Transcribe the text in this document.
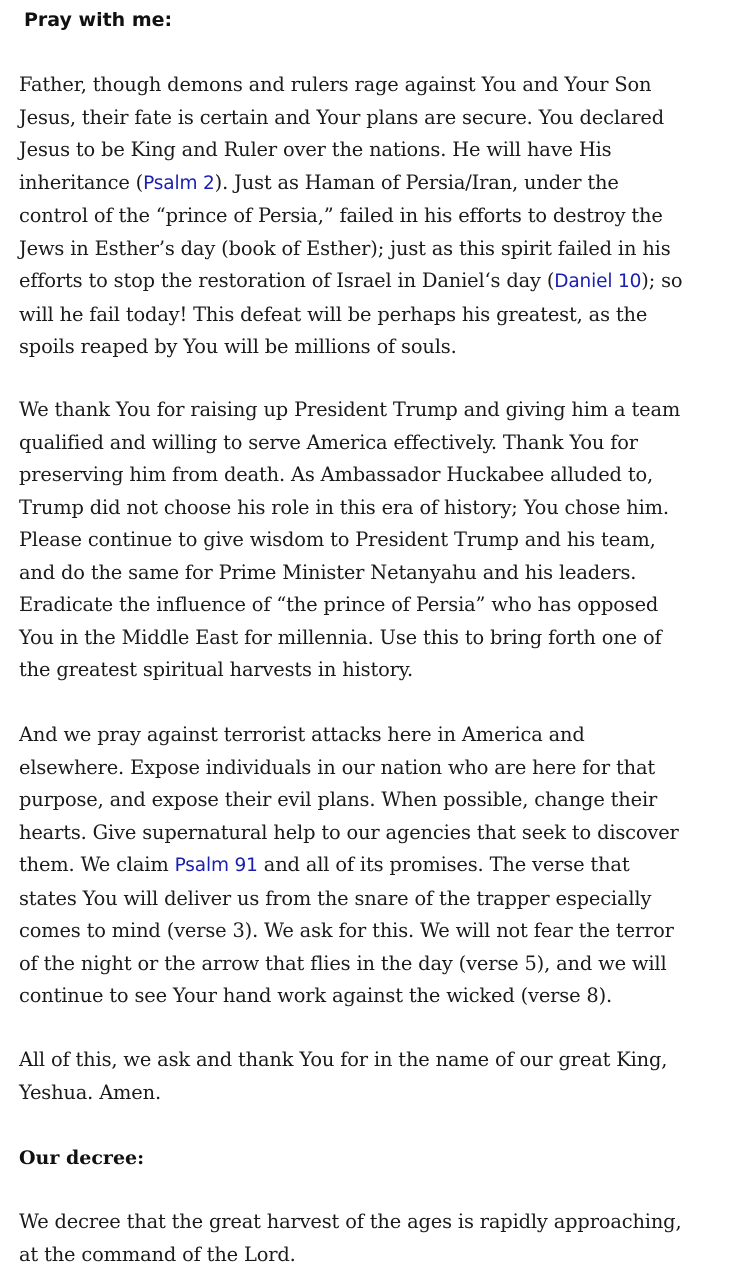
Pray with me:

Father, though demons and rulers rage against You and Your Son
Jesus, their fate is certain and Your plans are secure. You declared
Jesus to be King and Ruler over the nations. He will have His
inheritance (Psalm 2). Just as Haman of Persia/Iran, under the
control of the “prince of Persia,” failed in his efforts to destroy the
Jews in Esther’s day (book of Esther); just as this spirit failed in his
efforts to stop the restoration of Israel in Daniel‘s day (Daniel 10); so
will he fail today! This defeat will be perhaps his greatest, as the
spoils reaped by You will be millions of souls.

We thank You for raising up President Trump and giving him a team
qualified and willing to serve America effectively. Thank You for
preserving him from death. As Ambassador Huckabee alluded to,
Trump did not choose his role in this era of history; You chose him.
Please continue to give wisdom to President Trump and his team,
and do the same for Prime Minister Netanyahu and his leaders.
Eradicate the influence of “the prince of Persia” who has opposed
You in the Middle East for millennia. Use this to bring forth one of
the greatest spiritual harvests in history.

And we pray against terrorist attacks here in America and
elsewhere. Expose individuals in our nation who are here for that
purpose, and expose their evil plans. When possible, change their
hearts. Give supernatural help to our agencies that seek to discover
them. We claim Psalm 91 and all of its promises. The verse that
states You will deliver us from the snare of the trapper especially
comes to mind (verse 3). We ask for this. We will not fear the terror
of the night or the arrow that flies in the day (verse 5), and we will
continue to see Your hand work against the wicked (verse 8).

All of this, we ask and thank You for in the name of our great King,
Yeshua. Amen.

Our decree:

We decree that the great harvest of the ages is rapidly approaching,
at the command of the Lord.
